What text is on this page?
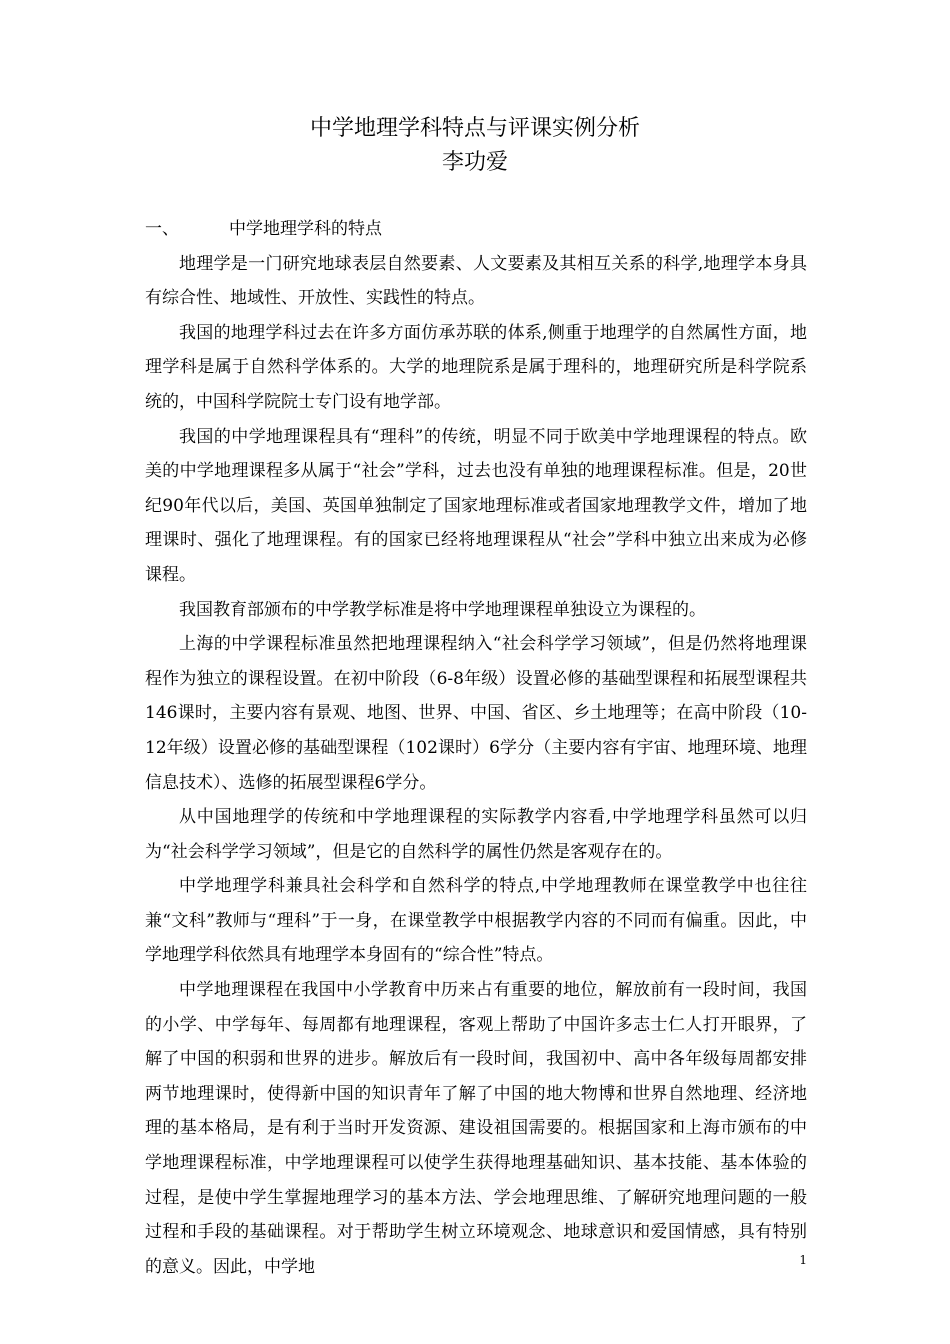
中学地理学科特点与评课实例分析
李功爱

一、	中学地理学科的特点

地理学是一门研究地球表层自然要素、人文要素及其相互关系的科学,地理学本身具有综合性、地域性、开放性、实践性的特点。

我国的地理学科过去在许多方面仿承苏联的体系,侧重于地理学的自然属性方面，地理学科是属于自然科学体系的。大学的地理院系是属于理科的，地理研究所是科学院系统的，中国科学院院士专门设有地学部。

我国的中学地理课程具有“理科”的传统，明显不同于欧美中学地理课程的特点。欧美的中学地理课程多从属于“社会”学科，过去也没有单独的地理课程标准。但是，20世纪90年代以后，美国、英国单独制定了国家地理标准或者国家地理教学文件，增加了地理课时、强化了地理课程。有的国家已经将地理课程从“社会”学科中独立出来成为必修课程。

我国教育部颁布的中学教学标准是将中学地理课程单独设立为课程的。

上海的中学课程标准虽然把地理课程纳入“社会科学学习领域”，但是仍然将地理课程作为独立的课程设置。在初中阶段（6-8年级）设置必修的基础型课程和拓展型课程共146课时，主要内容有景观、地图、世界、中国、省区、乡土地理等；在高中阶段（10-12年级）设置必修的基础型课程（102课时）6学分（主要内容有宇宙、地理环境、地理信息技术）、选修的拓展型课程6学分。

从中国地理学的传统和中学地理课程的实际教学内容看,中学地理学科虽然可以归为“社会科学学习领域”，但是它的自然科学的属性仍然是客观存在的。

中学地理学科兼具社会科学和自然科学的特点,中学地理教师在课堂教学中也往往兼“文科”教师与“理科”于一身，在课堂教学中根据教学内容的不同而有偏重。因此，中学地理学科依然具有地理学本身固有的“综合性”特点。

中学地理课程在我国中小学教育中历来占有重要的地位，解放前有一段时间，我国的小学、中学每年、每周都有地理课程，客观上帮助了中国许多志士仁人打开眼界，了解了中国的积弱和世界的进步。解放后有一段时间，我国初中、高中各年级每周都安排两节地理课时，使得新中国的知识青年了解了中国的地大物博和世界自然地理、经济地理的基本格局，是有利于当时开发资源、建设祖国需要的。根据国家和上海市颁布的中学地理课程标准，中学地理课程可以使学生获得地理基础知识、基本技能、基本体验的过程，是使中学生掌握地理学习的基本方法、学会地理思维、了解研究地理问题的一般过程和手段的基础课程。对于帮助学生树立环境观念、地球意识和爱国情感，具有特别的意义。因此，中学地	1
